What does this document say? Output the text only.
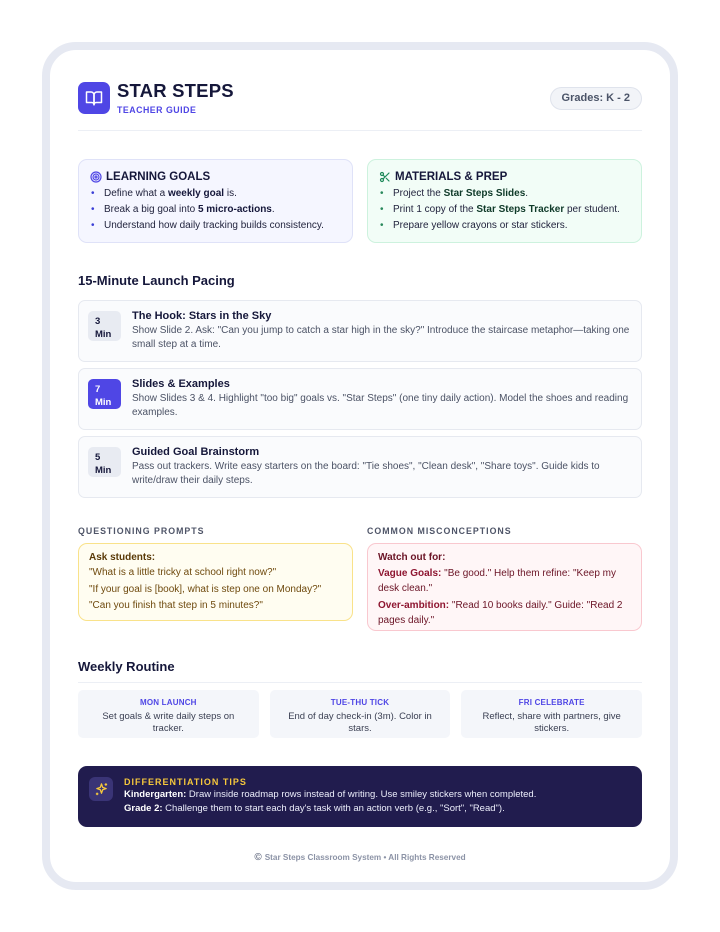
STAR STEPS
TEACHER GUIDE
Grades: K - 2
LEARNING GOALS
• Define what a weekly goal is.
• Break a big goal into 5 micro-actions.
• Understand how daily tracking builds consistency.
MATERIALS & PREP
• Project the Star Steps Slides.
• Print 1 copy of the Star Steps Tracker per student.
• Prepare yellow crayons or star stickers.
15-Minute Launch Pacing
3
Min
The Hook: Stars in the Sky
Show Slide 2. Ask: "Can you jump to catch a star high in the sky?" Introduce the staircase metaphor—taking one small step at a time.
7
Min
Slides & Examples
Show Slides 3 & 4. Highlight "too big" goals vs. "Star Steps" (one tiny daily action). Model the shoes and reading examples.
5
Min
Guided Goal Brainstorm
Pass out trackers. Write easy starters on the board: "Tie shoes", "Clean desk", "Share toys". Guide kids to write/draw their daily steps.
QUESTIONING PROMPTS
Ask students:
"What is a little tricky at school right now?"
"If your goal is [book], what is step one on Monday?"
"Can you finish that step in 5 minutes?"
COMMON MISCONCEPTIONS
Watch out for:
Vague Goals: "Be good." Help them refine: "Keep my desk clean."
Over-ambition: "Read 10 books daily." Guide: "Read 2 pages daily."
Weekly Routine
MON LAUNCH
Set goals & write daily steps on tracker.
TUE-THU TICK
End of day check-in (3m). Color in stars.
FRI CELEBRATE
Reflect, share with partners, give stickers.
DIFFERENTIATION TIPS
Kindergarten: Draw inside roadmap rows instead of writing. Use smiley stickers when completed.
Grade 2: Challenge them to start each day's task with an action verb (e.g., "Sort", "Read").
© Star Steps Classroom System • All Rights Reserved
